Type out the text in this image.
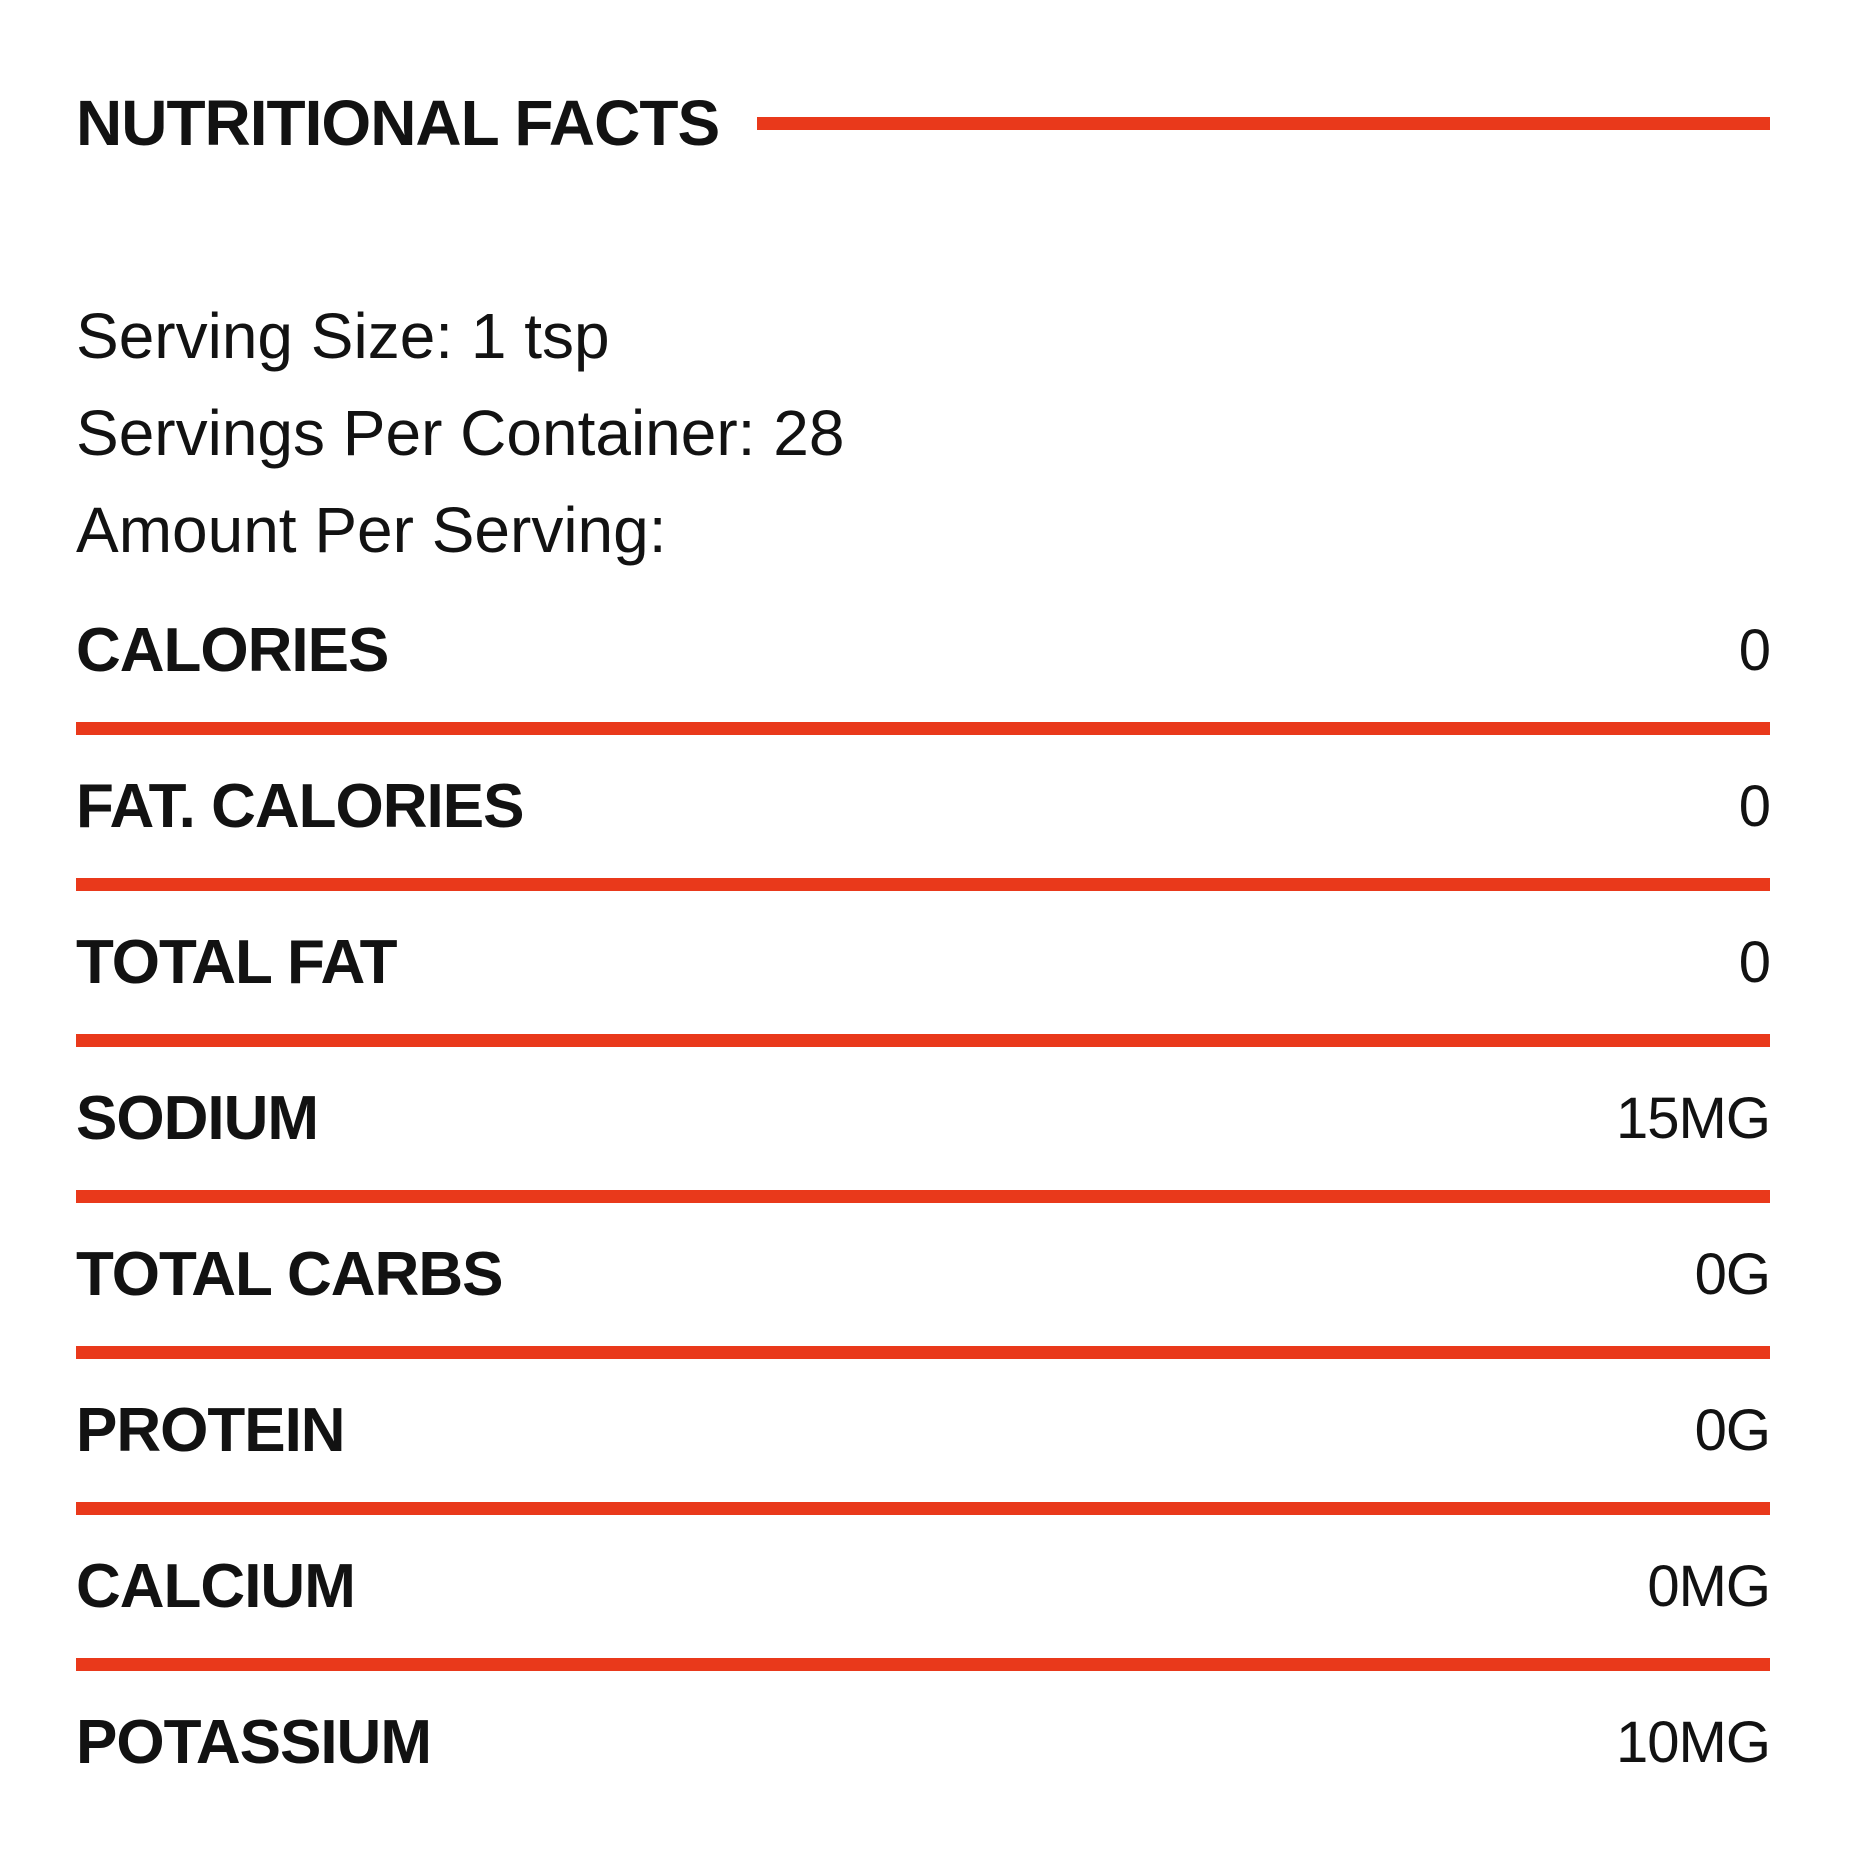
NUTRITIONAL FACTS
Serving Size: 1 tsp
Servings Per Container: 28
Amount Per Serving:
CALORIES	0
FAT. CALORIES	0
TOTAL FAT	0
SODIUM	15MG
TOTAL CARBS	0G
PROTEIN	0G
CALCIUM	0MG
POTASSIUM	10MG
